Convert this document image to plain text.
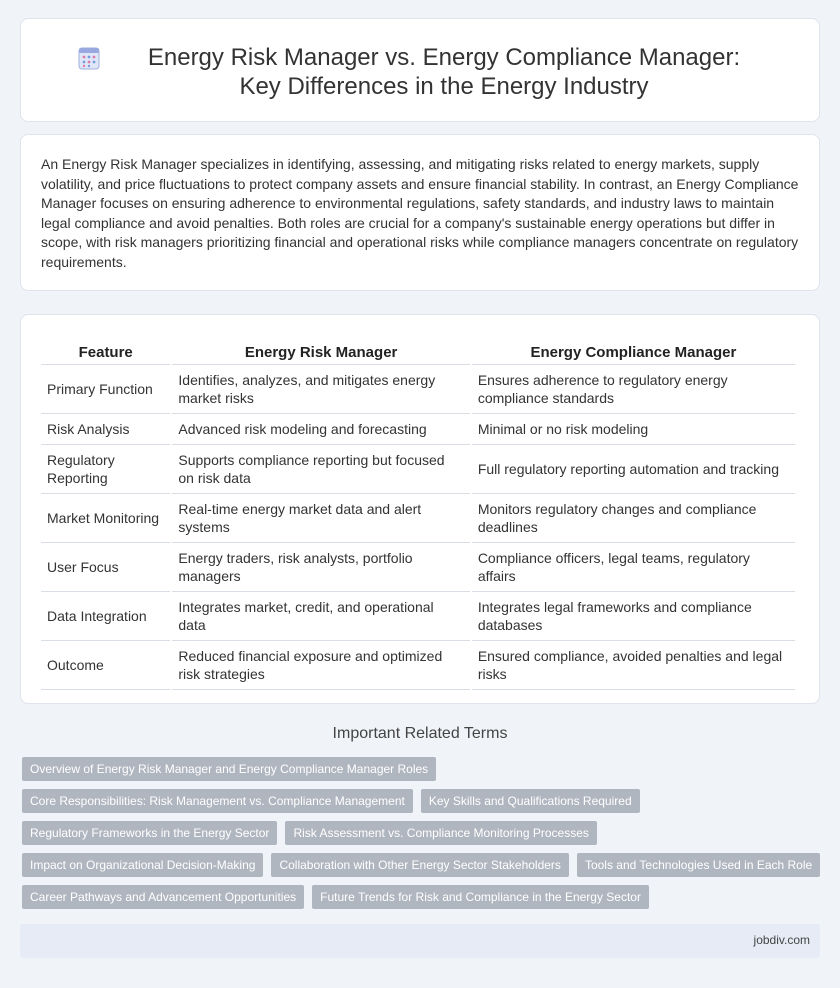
Energy Risk Manager vs. Energy Compliance Manager: Key Differences in the Energy Industry

An Energy Risk Manager specializes in identifying, assessing, and mitigating risks related to energy markets, supply volatility, and price fluctuations to protect company assets and ensure financial stability. In contrast, an Energy Compliance Manager focuses on ensuring adherence to environmental regulations, safety standards, and industry laws to maintain legal compliance and avoid penalties. Both roles are crucial for a company's sustainable energy operations but differ in scope, with risk managers prioritizing financial and operational risks while compliance managers concentrate on regulatory requirements.

Feature	Energy Risk Manager	Energy Compliance Manager
Primary Function	Identifies, analyzes, and mitigates energy market risks	Ensures adherence to regulatory energy compliance standards
Risk Analysis	Advanced risk modeling and forecasting	Minimal or no risk modeling
Regulatory Reporting	Supports compliance reporting but focused on risk data	Full regulatory reporting automation and tracking
Market Monitoring	Real-time energy market data and alert systems	Monitors regulatory changes and compliance deadlines
User Focus	Energy traders, risk analysts, portfolio managers	Compliance officers, legal teams, regulatory affairs
Data Integration	Integrates market, credit, and operational data	Integrates legal frameworks and compliance databases
Outcome	Reduced financial exposure and optimized risk strategies	Ensured compliance, avoided penalties and legal risks
Important Related Terms
Overview of Energy Risk Manager and Energy Compliance Manager Roles
Core Responsibilities: Risk Management vs. Compliance Management	Key Skills and Qualifications Required
Regulatory Frameworks in the Energy Sector	Risk Assessment vs. Compliance Monitoring Processes
Impact on Organizational Decision-Making	Collaboration with Other Energy Sector Stakeholders	Tools and Technologies Used in Each Role
Career Pathways and Advancement Opportunities	Future Trends for Risk and Compliance in the Energy Sector
jobdiv.com
